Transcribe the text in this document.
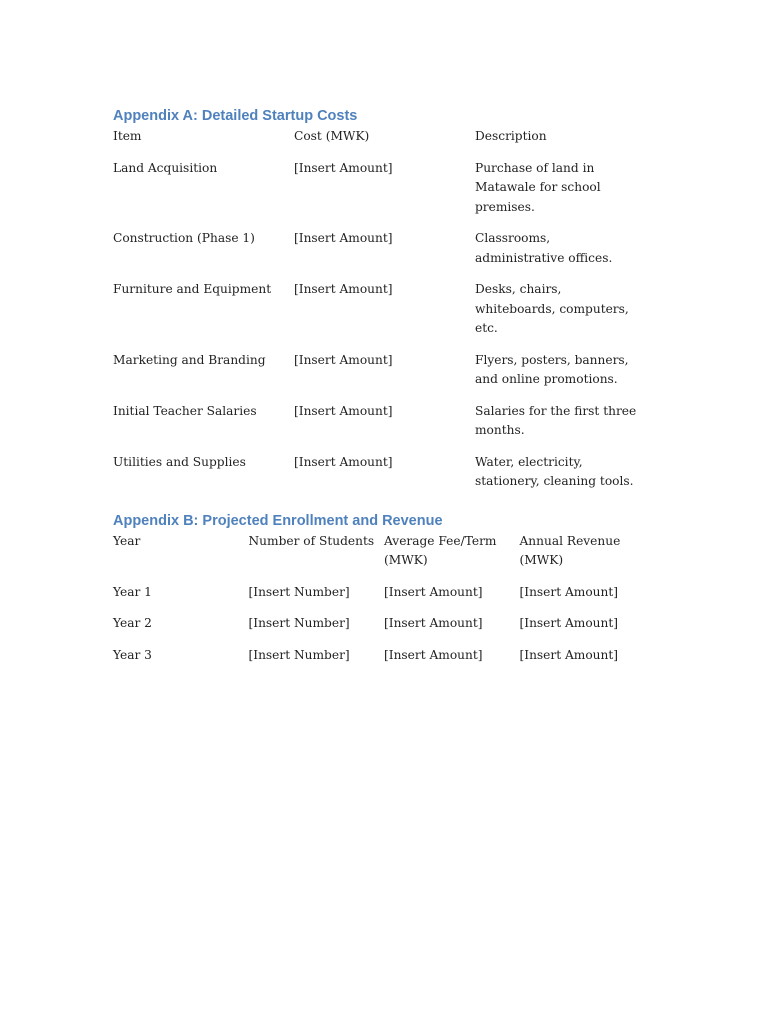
Appendix A: Detailed Startup Costs
Item	Cost (MWK)	Description
Land Acquisition	[Insert Amount]	Purchase of land in Matawale for school premises.
Construction (Phase 1)	[Insert Amount]	Classrooms, administrative offices.
Furniture and Equipment	[Insert Amount]	Desks, chairs, whiteboards, computers, etc.
Marketing and Branding	[Insert Amount]	Flyers, posters, banners, and online promotions.
Initial Teacher Salaries	[Insert Amount]	Salaries for the first three months.
Utilities and Supplies	[Insert Amount]	Water, electricity, stationery, cleaning tools.
Appendix B: Projected Enrollment and Revenue
Year	Number of Students	Average Fee/Term (MWK)	Annual Revenue (MWK)
Year 1	[Insert Number]	[Insert Amount]	[Insert Amount]
Year 2	[Insert Number]	[Insert Amount]	[Insert Amount]
Year 3	[Insert Number]	[Insert Amount]	[Insert Amount]
